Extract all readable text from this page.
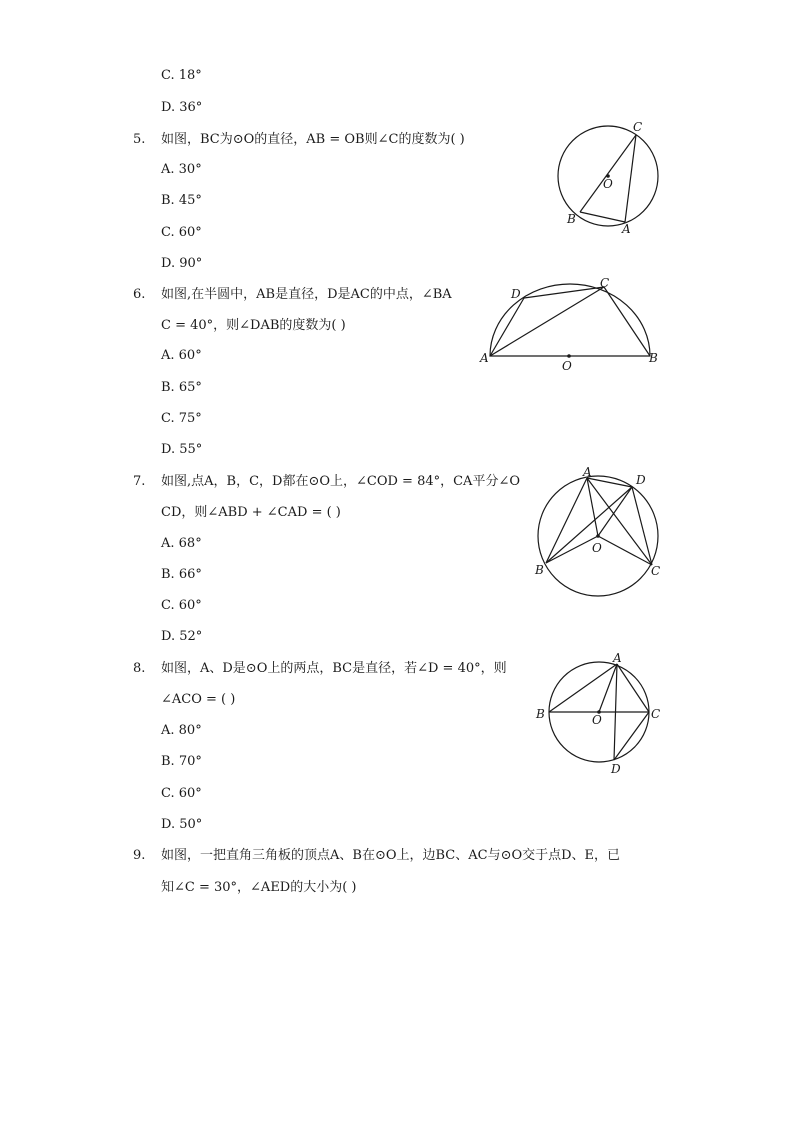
C. 18°
D. 36°
5. 如图，BC为⊙O的直径，AB = OB则∠C的度数为( )
A. 30°
B. 45°
C. 60°
D. 90°
C
O
B
A
6. 如图,在半圆中，AB是直径，D是AC的中点，∠BA
C = 40°，则∠DAB的度数为( )
A. 60°
B. 65°
C. 75°
D. 55°
D
C
A
O
B
7. 如图,点A，B，C，D都在⊙O上，∠COD = 84°，CA平分∠O
CD，则∠ABD + ∠CAD = ( )
A. 68°
B. 66°
C. 60°
D. 52°
A
D
O
B	C
8. 如图，A、D是⊙O上的两点，BC是直径，若∠D = 40°，则
∠ACO = ( )
A. 80°
B. 70°
C. 60°
D. 50°
A
B	O	C
D
9. 如图，一把直角三角板的顶点A、B在⊙O上，边BC、AC与⊙O交于点D、E，已
知∠C = 30°，∠AED的大小为( )
